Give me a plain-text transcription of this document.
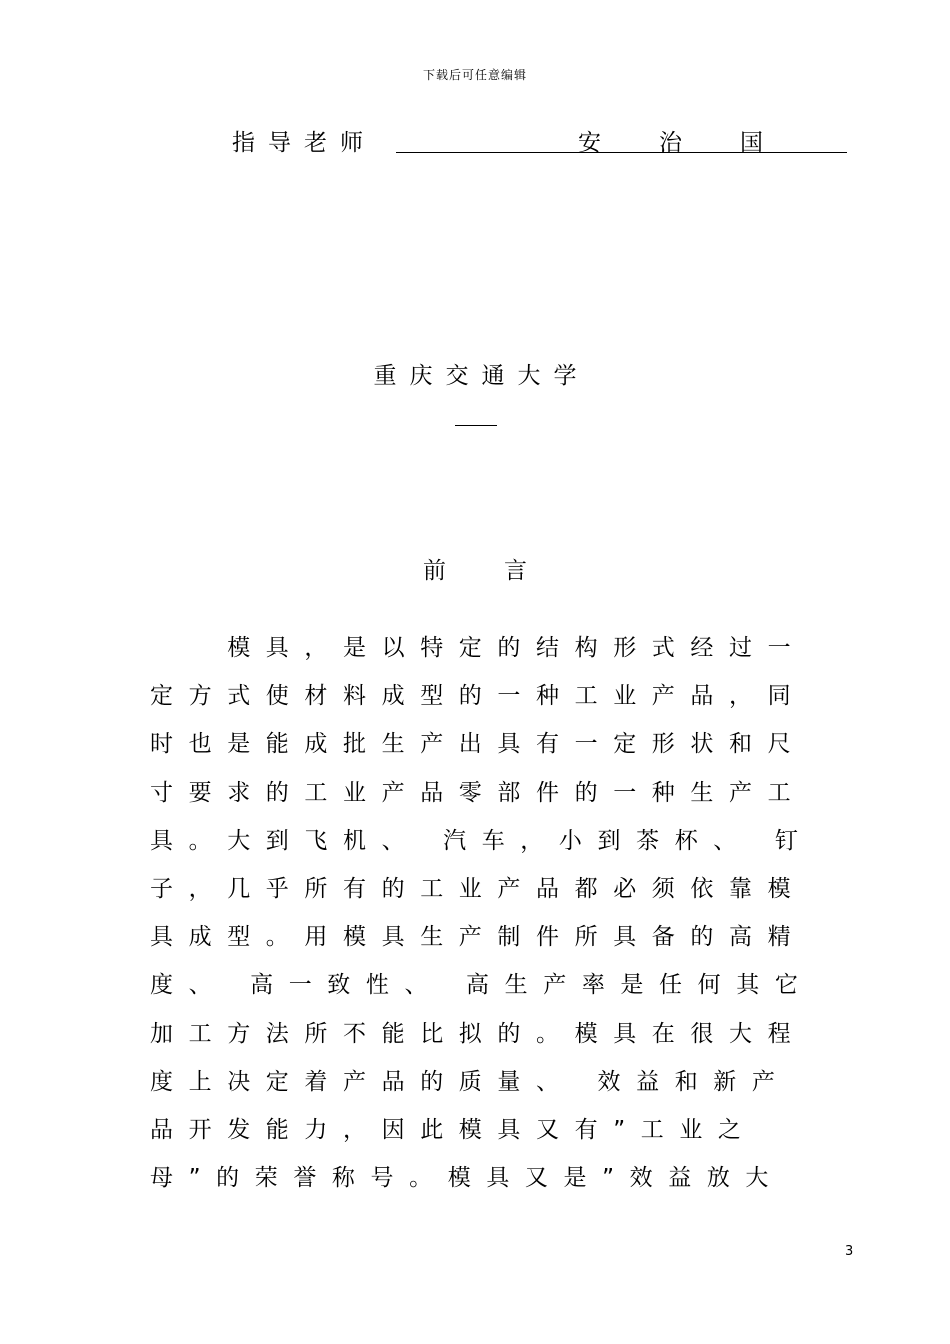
下载后可任意编辑
指导老师	安治国
重庆交通大学
前言
　　模具，是以特定的结构形式经过一
定方式使材料成型的一种工业产品，同
时也是能成批生产出具有一定形状和尺
寸要求的工业产品零部件的一种生产工
具。大到飞机、 汽车，小到茶杯、 钉
子，几乎所有的工业产品都必须依靠模
具成型。用模具生产制件所具备的高精
度、 高一致性、 高生产率是任何其它
加工方法所不能比拟的。模具在很大程
度上决定着产品的质量、 效益和新产
品开发能力，因此模具又有”工业之
母”的荣誉称号。模具又是”效益放大
3
